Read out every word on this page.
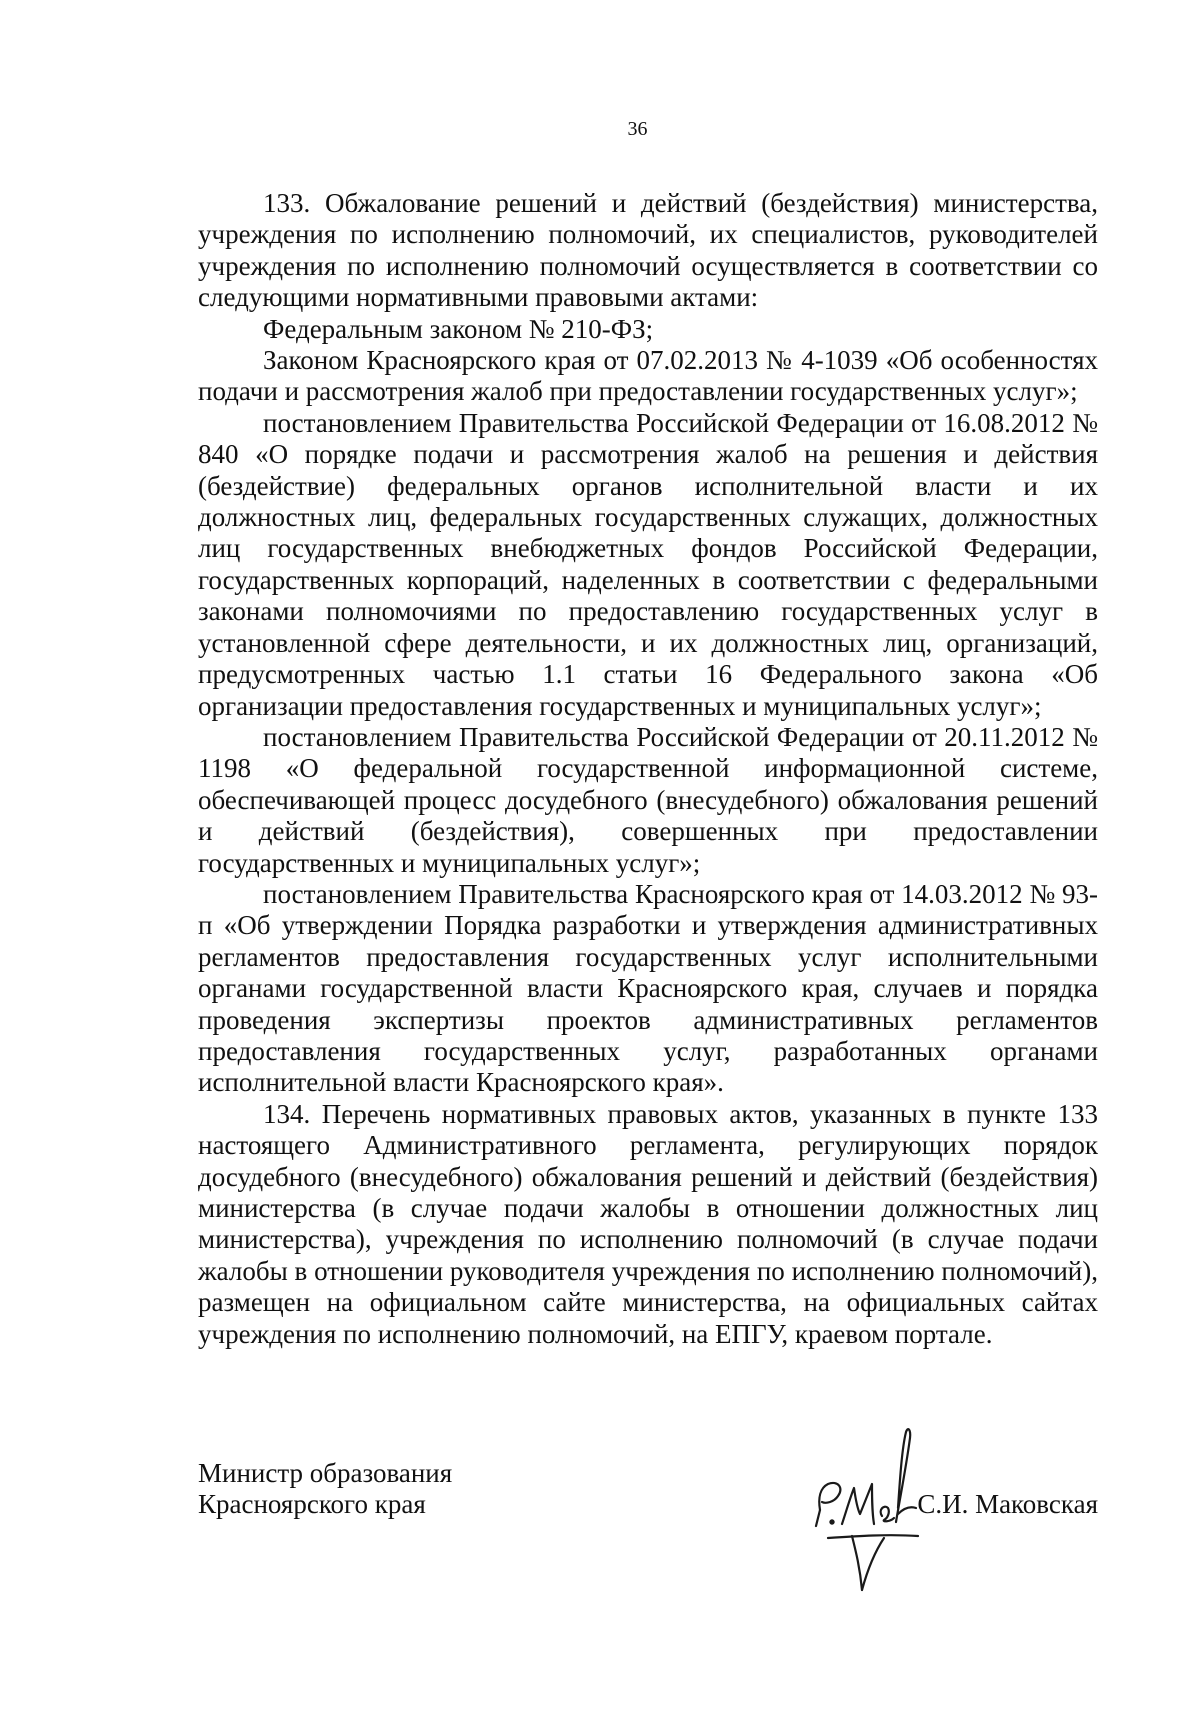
36

133. Обжалование решений и действий (бездействия) министерства, учреждения по исполнению полномочий, их специалистов, руководителей учреждения по исполнению полномочий осуществляется в соответствии со следующими нормативными правовыми актами:

Федеральным законом № 210-ФЗ;

Законом Красноярского края от 07.02.2013 № 4-1039 «Об особенностях подачи и рассмотрения жалоб при предоставлении государственных услуг»;

постановлением Правительства Российской Федерации от 16.08.2012 № 840 «О порядке подачи и рассмотрения жалоб на решения и действия (бездействие) федеральных органов исполнительной власти и их должностных лиц, федеральных государственных служащих, должностных лиц государственных внебюджетных фондов Российской Федерации, государственных корпораций, наделенных в соответствии с федеральными законами полномочиями по предоставлению государственных услуг в установленной сфере деятельности, и их должностных лиц, организаций, предусмотренных частью 1.1 статьи 16 Федерального закона «Об организации предоставления государственных и муниципальных услуг»;

постановлением Правительства Российской Федерации от 20.11.2012 № 1198 «О федеральной государственной информационной системе, обеспечивающей процесс досудебного (внесудебного) обжалования решений и действий (бездействия), совершенных при предоставлении государственных и муниципальных услуг»;

постановлением Правительства Красноярского края от 14.03.2012 № 93-п «Об утверждении Порядка разработки и утверждения административных регламентов предоставления государственных услуг исполнительными органами государственной власти Красноярского края, случаев и порядка проведения экспертизы проектов административных регламентов предоставления государственных услуг, разработанных органами исполнительной власти Красноярского края».

134. Перечень нормативных правовых актов, указанных в пункте 133 настоящего Административного регламента, регулирующих порядок досудебного (внесудебного) обжалования решений и действий (бездействия) министерства (в случае подачи жалобы в отношении должностных лиц министерства), учреждения по исполнению полномочий (в случае подачи жалобы в отношении руководителя учреждения по исполнению полномочий), размещен на официальном сайте министерства, на официальных сайтах учреждения по исполнению полномочий, на ЕПГУ, краевом портале.

Министр образования
Красноярского края	С.И. Маковская
